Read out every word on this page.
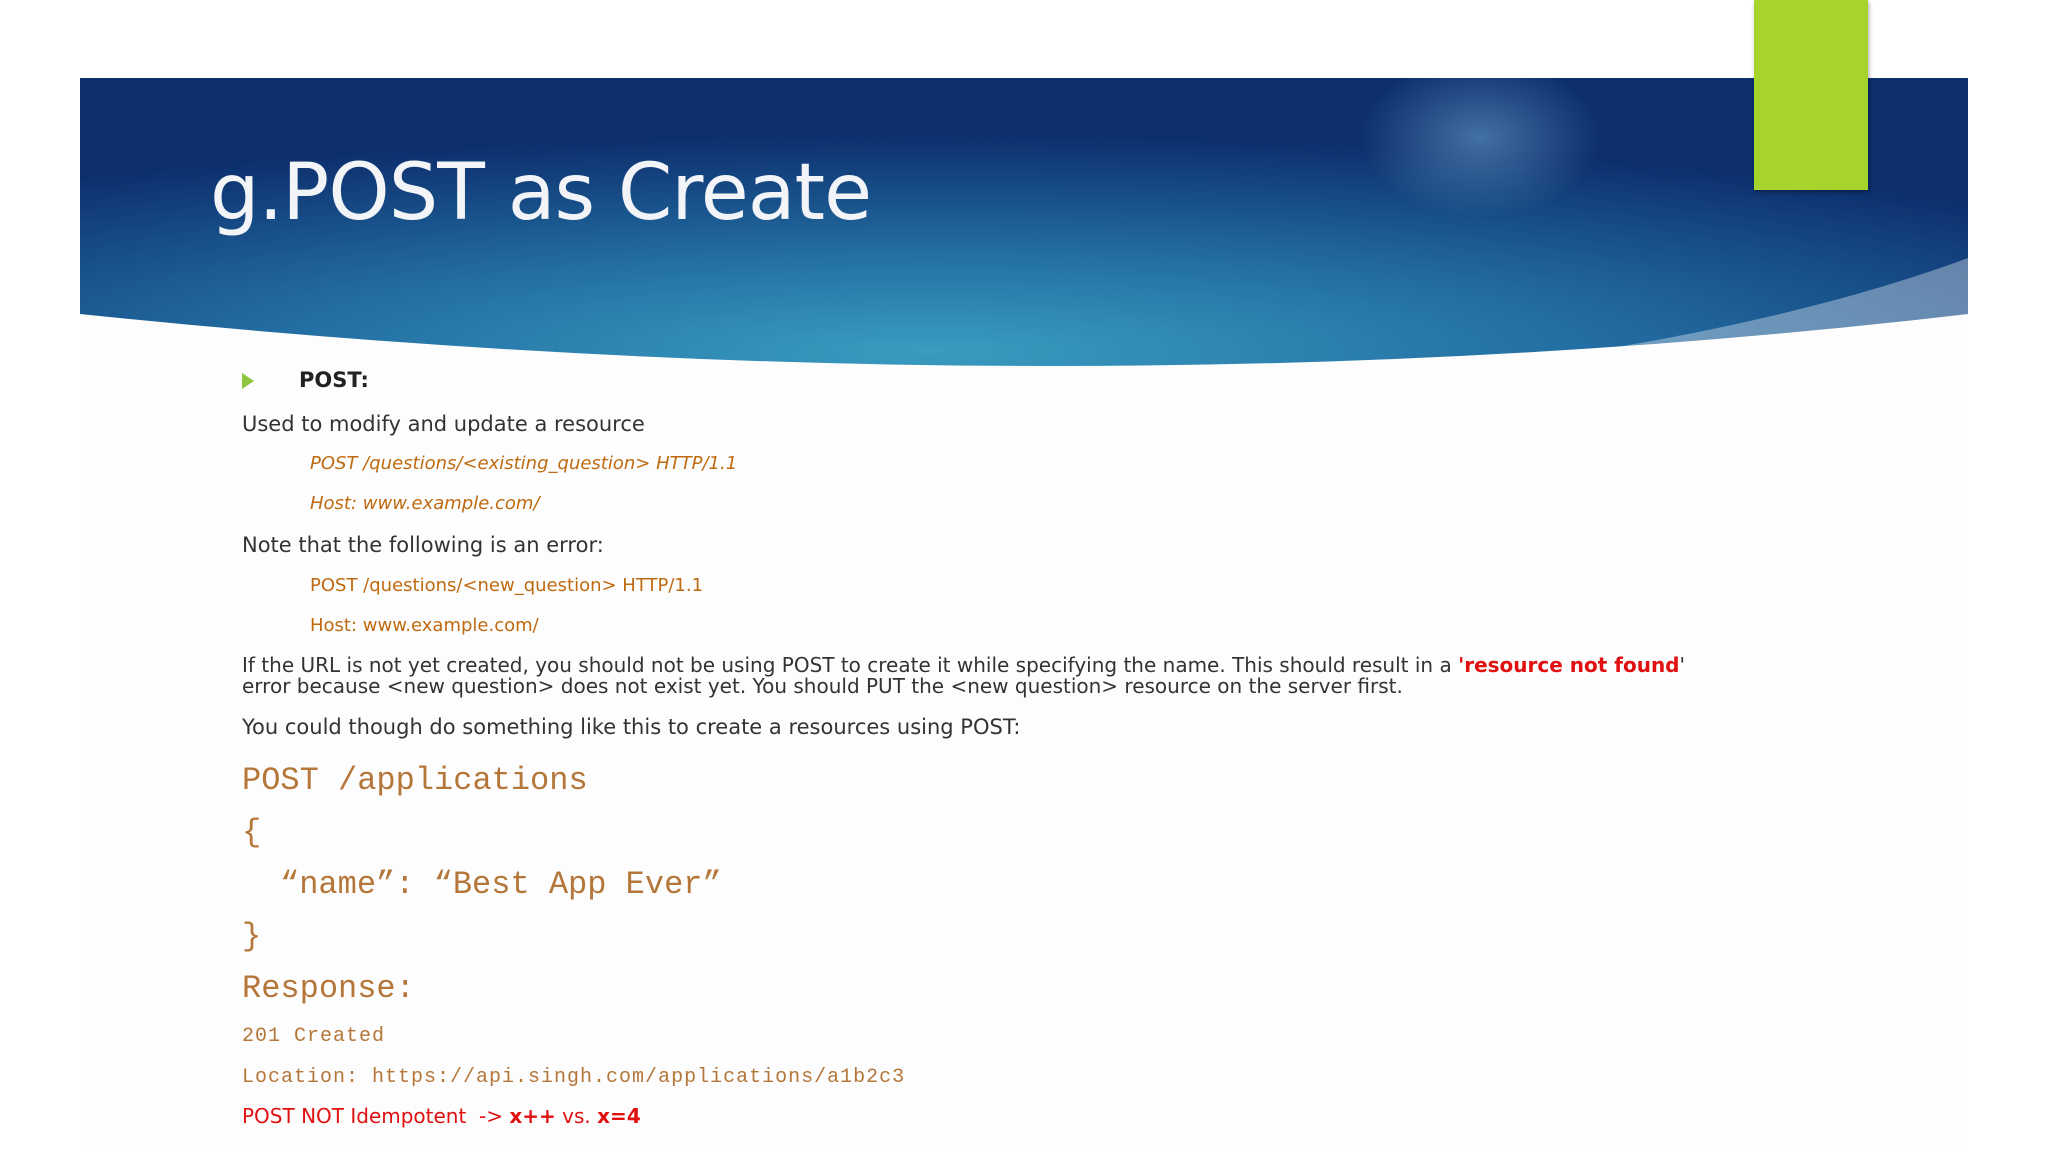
g.POST as Create
POST:
Used to modify and update a resource
POST /questions/<existing_question> HTTP/1.1
Host: www.example.com/
Note that the following is an error:
POST /questions/<new_question> HTTP/1.1
Host: www.example.com/
If the URL is not yet created, you should not be using POST to create it while specifying the name. This should result in a 'resource not found'
error because <new question> does not exist yet. You should PUT the <new question> resource on the server first.
You could though do something like this to create a resources using POST:
POST /applications
{
“name”: “Best App Ever”
}
Response:
201 Created
Location: https://api.singh.com/applications/a1b2c3
POST NOT Idempotent  -> x++ vs. x=4
